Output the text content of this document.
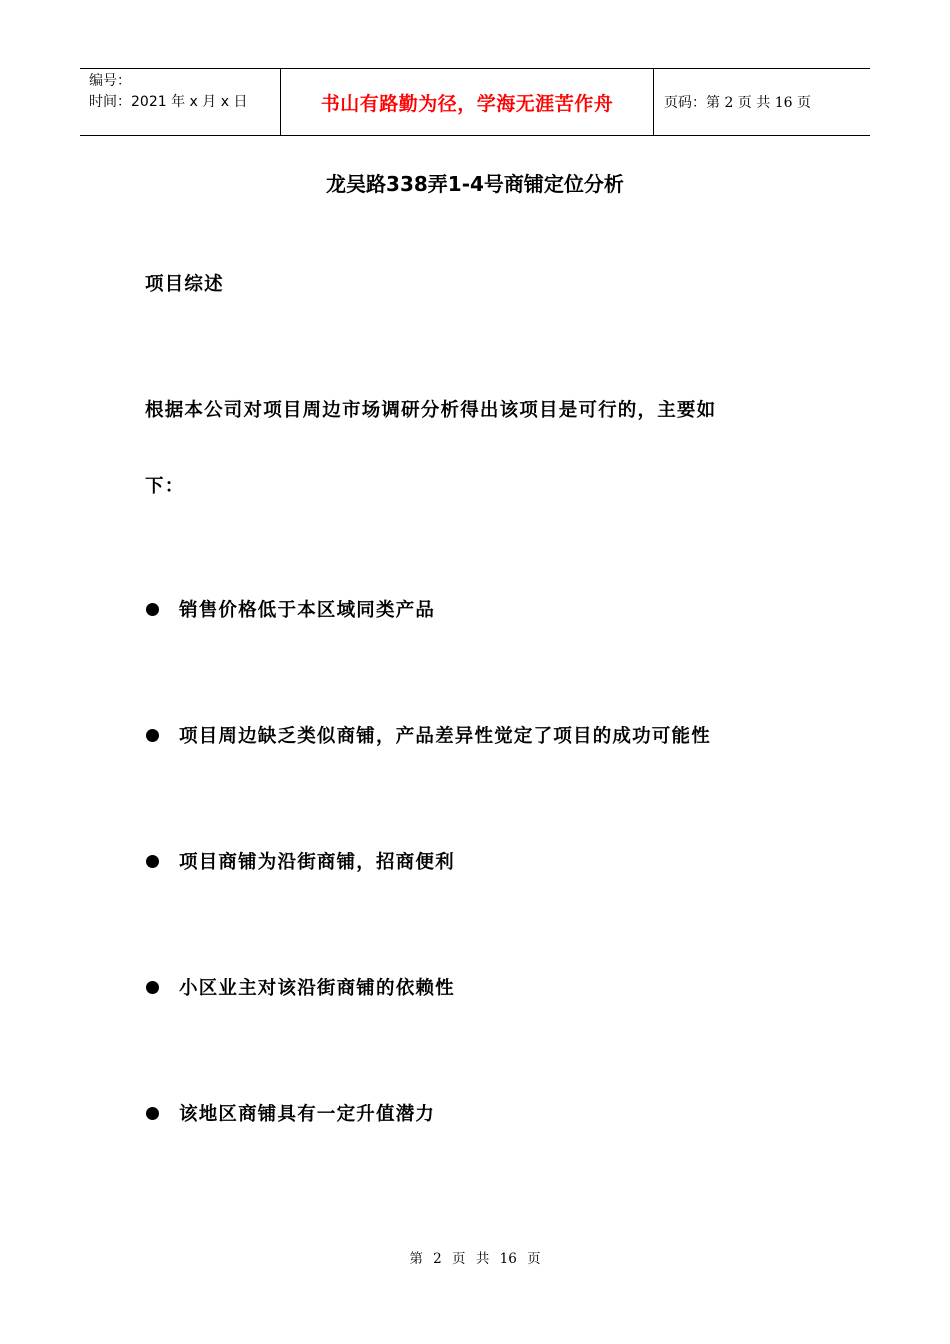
编号：
时间：2021 年 x 月 x 日	书山有路勤为径，学海无涯苦作舟	页码：第 2 页 共 16 页
龙吴路338弄1-4号商铺定位分析
项目综述
根据本公司对项目周边市场调研分析得出该项目是可行的，主要如
下：
销售价格低于本区域同类产品
项目周边缺乏类似商铺，产品差异性觉定了项目的成功可能性
项目商铺为沿街商铺，招商便利
小区业主对该沿街商铺的依赖性
该地区商铺具有一定升值潜力
第 2 页 共 16 页
